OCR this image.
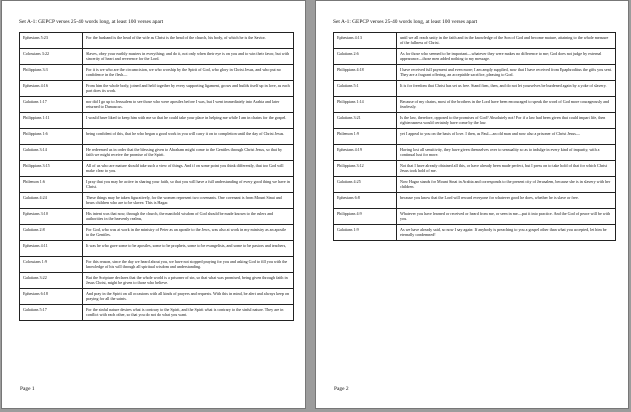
Set A-1: GEPCP verses 25-40 words long, at least 100 verses apart
Ephesians 5:23	For the husband is the head of the wife as Christ is the head of the church, his body, of which he is the Savior.
Colossians 3:22	Slaves, obey your earthly masters in everything; and do it, not only when their eye is on you and to win their favor, but with sincerity of heart and reverence for the Lord.
Philippians 3:3	For it is we who are the circumcision, we who worship by the Spirit of God, who glory in Christ Jesus, and who put no confidence in the flesh—
Ephesians 4:16	From him the whole body, joined and held together by every supporting ligament, grows and builds itself up in love, as each part does its work.
Galatians 1:17	nor did I go up to Jerusalem to see those who were apostles before I was, but I went immediately into Arabia and later returned to Damascus.
Philippians 1:11	I would have liked to keep him with me so that he could take your place in helping me while I am in chains for the gospel.
Philippians 1:6	being confident of this, that he who began a good work in you will carry it on to completion until the day of Christ Jesus.
Galatians 3:14	He redeemed us in order that the blessing given to Abraham might come to the Gentiles through Christ Jesus, so that by faith we might receive the promise of the Spirit.
Philippians 3:15	All of us who are mature should take such a view of things. And if on some point you think differently, that too God will make clear to you.
Philemon 1:6	I pray that you may be active in sharing your faith, so that you will have a full understanding of every good thing we have in Christ.
Galatians 4:24	These things may be taken figuratively, for the women represent two covenants. One covenant is from Mount Sinai and bears children who are to be slaves: This is Hagar.
Ephesians 3:10	His intent was that now, through the church, the manifold wisdom of God should be made known to the rulers and authorities in the heavenly realms,
Galatians 2:8	For God, who was at work in the ministry of Peter as an apostle to the Jews, was also at work in my ministry as an apostle to the Gentiles.
Ephesians 4:11	It was he who gave some to be apostles, some to be prophets, some to be evangelists, and some to be pastors and teachers,
Colossians 1:9	For this reason, since the day we heard about you, we have not stopped praying for you and asking God to fill you with the knowledge of his will through all spiritual wisdom and understanding.
Galatians 3:22	But the Scripture declares that the whole world is a prisoner of sin, so that what was promised, being given through faith in Jesus Christ, might be given to those who believe.
Ephesians 6:18	And pray in the Spirit on all occasions with all kinds of prayers and requests. With this in mind, be alert and always keep on praying for all the saints.
Galatians 5:17	For the sinful nature desires what is contrary to the Spirit, and the Spirit what is contrary to the sinful nature. They are in conflict with each other, so that you do not do what you want.
Page 1
Set A-1: GEPCP verses 25-40 words long, at least 100 verses apart
Ephesians 4:13	until we all reach unity in the faith and in the knowledge of the Son of God and become mature, attaining to the whole measure of the fullness of Christ.
Galatians 2:6	As for those who seemed to be important—whatever they were makes no difference to me; God does not judge by external appearance—those men added nothing to my message.
Philippians 4:18	I have received full payment and even more; I am amply supplied, now that I have received from Epaphroditus the gifts you sent. They are a fragrant offering, an acceptable sacrifice, pleasing to God.
Galatians 5:1	It is for freedom that Christ has set us free. Stand firm, then, and do not let yourselves be burdened again by a yoke of slavery.
Philippians 1:14	Because of my chains, most of the brothers in the Lord have been encouraged to speak the word of God more courageously and fearlessly.
Galatians 3:21	Is the law, therefore, opposed to the promises of God? Absolutely not! For if a law had been given that could impart life, then righteousness would certainly have come by the law.
Philemon 1:9	yet I appeal to you on the basis of love. I then, as Paul—an old man and now also a prisoner of Christ Jesus—
Ephesians 4:19	Having lost all sensitivity, they have given themselves over to sensuality so as to indulge in every kind of impurity, with a continual lust for more.
Philippians 3:12	Not that I have already obtained all this, or have already been made perfect, but I press on to take hold of that for which Christ Jesus took hold of me.
Galatians 4:25	Now Hagar stands for Mount Sinai in Arabia and corresponds to the present city of Jerusalem, because she is in slavery with her children.
Ephesians 6:8	because you know that the Lord will reward everyone for whatever good he does, whether he is slave or free.
Philippians 4:9	Whatever you have learned or received or heard from me, or seen in me—put it into practice. And the God of peace will be with you.
Galatians 1:9	As we have already said, so now I say again: If anybody is preaching to you a gospel other than what you accepted, let him be eternally condemned!
Page 2
